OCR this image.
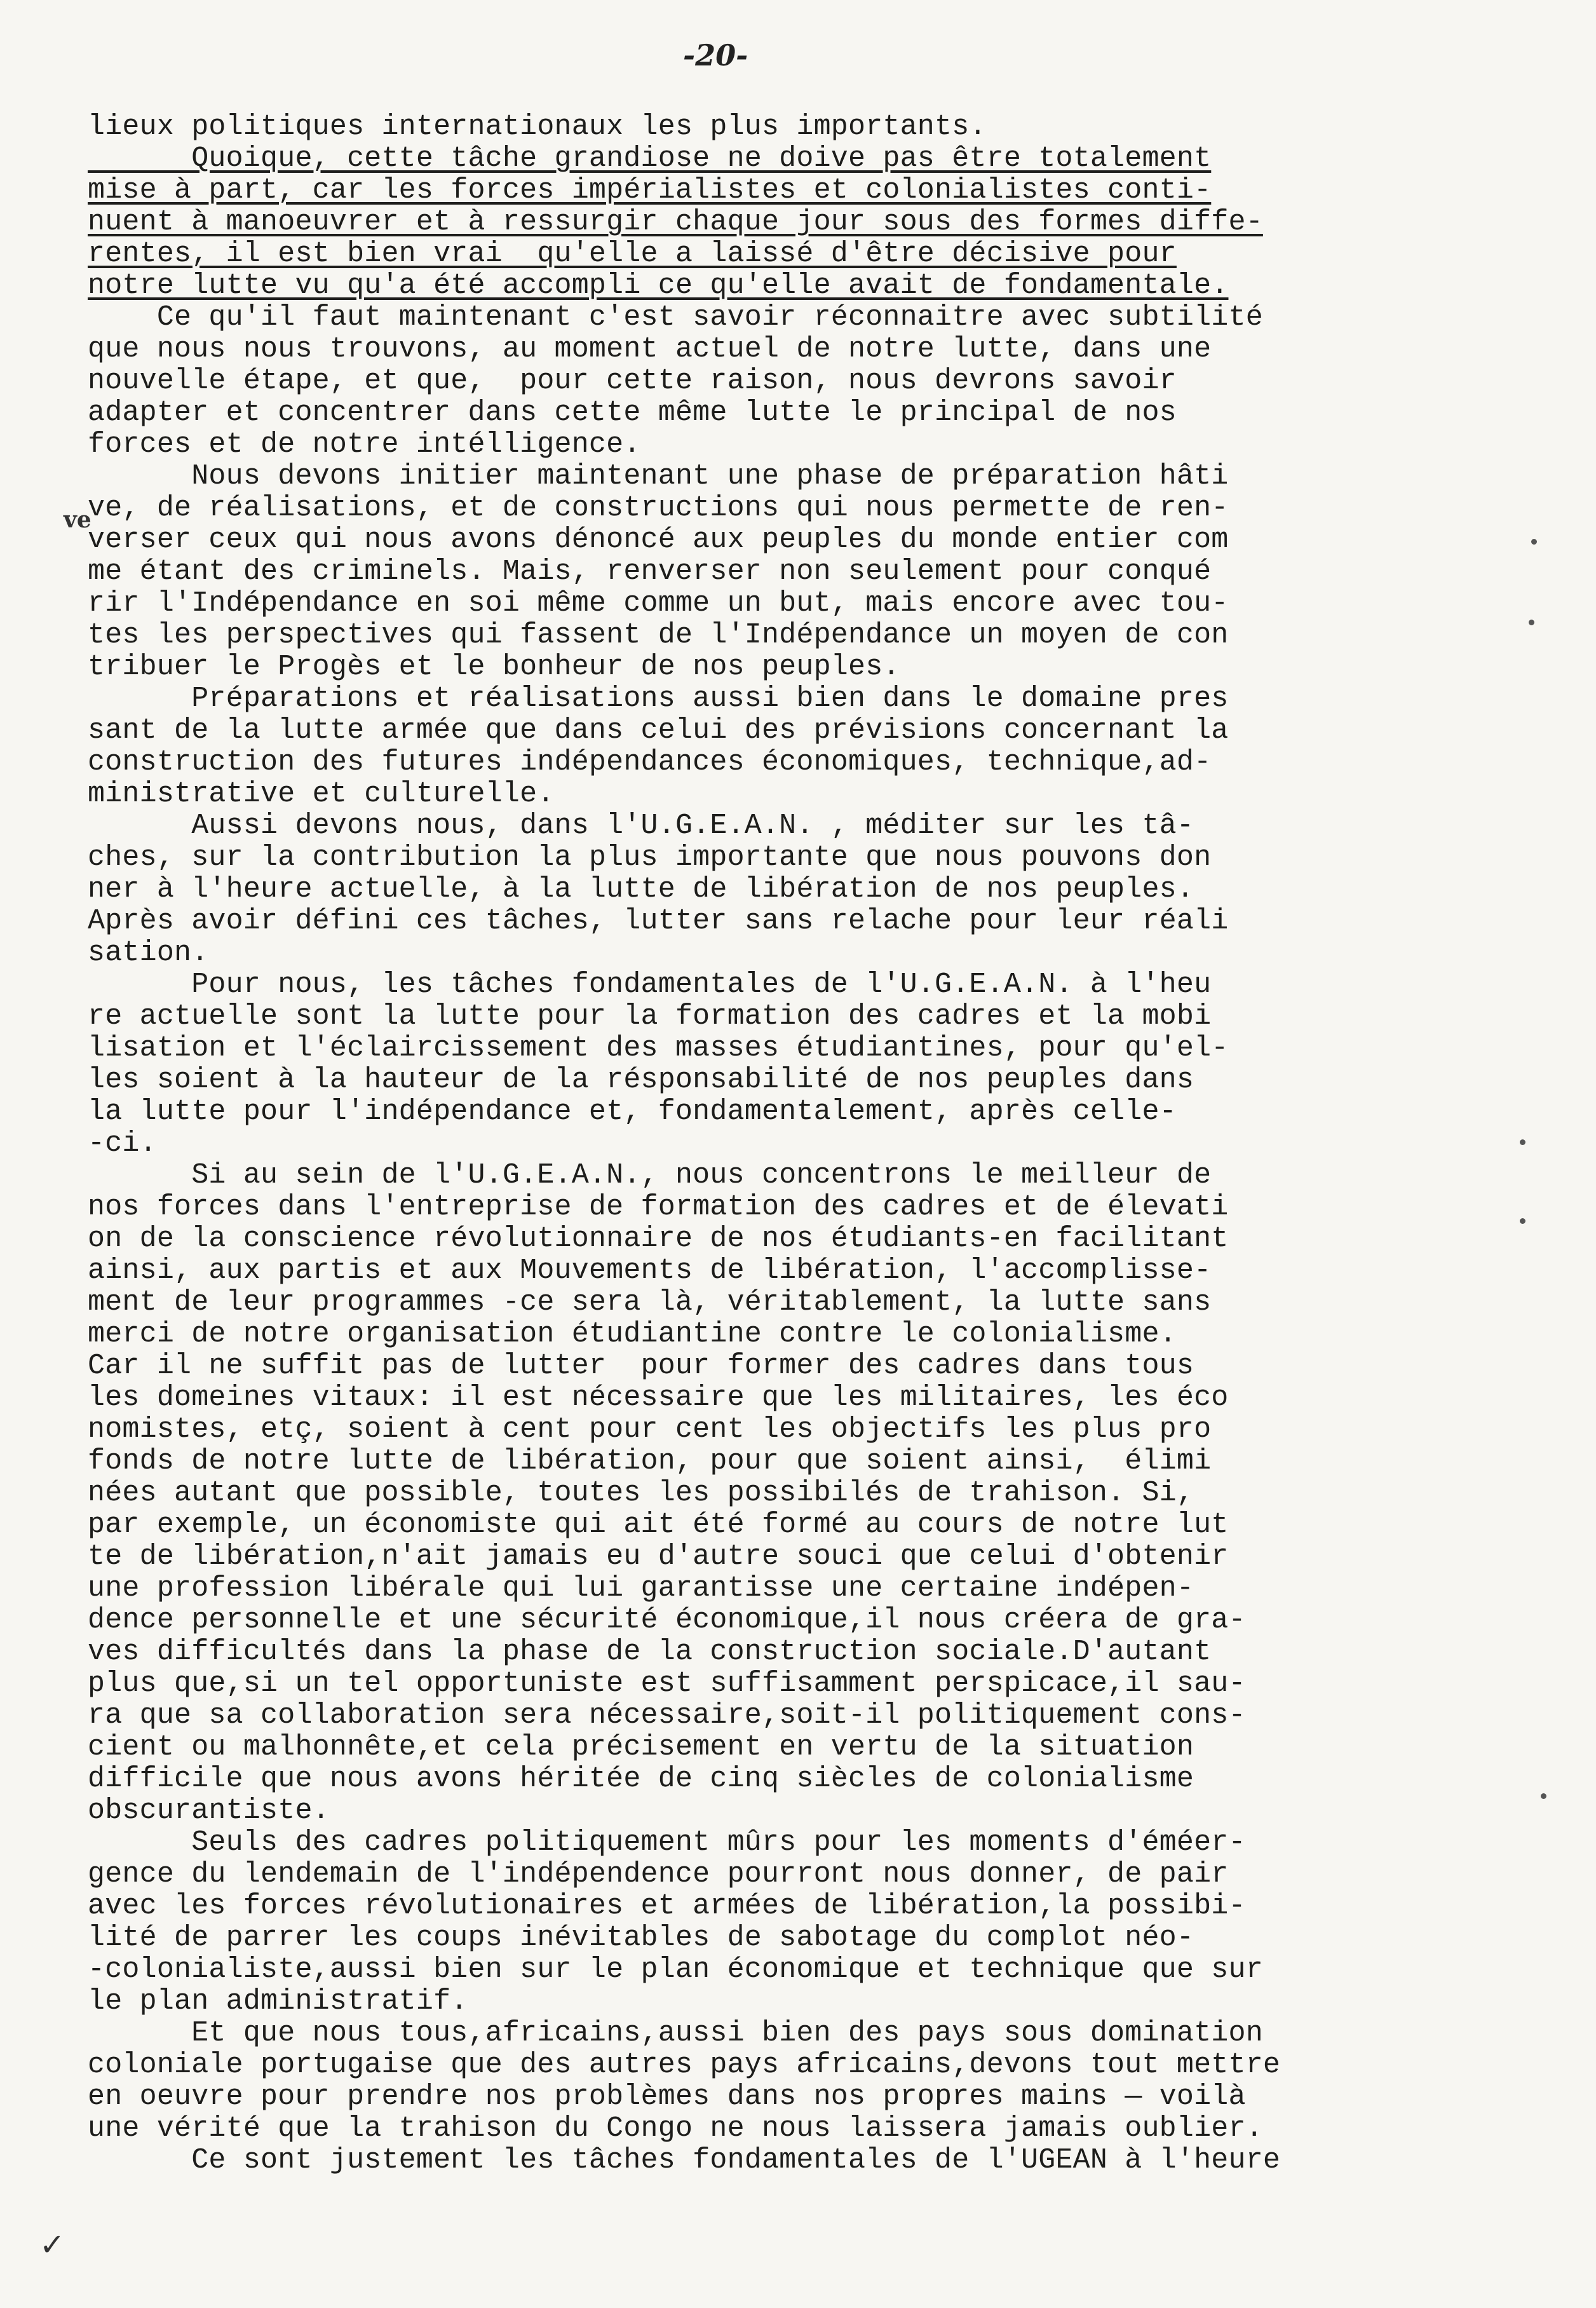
-20-
lieux politiques internationaux les plus importants.
Quoique, cette tâche grandiose ne doive pas être totalement
mise à part, car les forces impérialistes et colonialistes conti-
nuent à manoeuvrer et à ressurgir chaque jour sous des formes diffe-
rentes, il est bien vrai  qu'elle a laissé d'être décisive pour
notre lutte vu qu'a été accompli ce qu'elle avait de fondamentale.
Ce qu'il faut maintenant c'est savoir réconnaitre avec subtilité
que nous nous trouvons, au moment actuel de notre lutte, dans une
nouvelle étape, et que,  pour cette raison, nous devrons savoir
adapter et concentrer dans cette même lutte le principal de nos
forces et de notre intélligence.
Nous devons initier maintenant une phase de préparation hâti
ve, de réalisations, et de constructions qui nous permette de ren-
verser ceux qui nous avons dénoncé aux peuples du monde entier com
me étant des criminels. Mais, renverser non seulement pour conqué
rir l'Indépendance en soi même comme un but, mais encore avec tou-
tes les perspectives qui fassent de l'Indépendance un moyen de con
tribuer le Progès et le bonheur de nos peuples.
Préparations et réalisations aussi bien dans le domaine pres
sant de la lutte armée que dans celui des prévisions concernant la
construction des futures indépendances économiques, technique,ad-
ministrative et culturelle.
Aussi devons nous, dans l'U.G.E.A.N. , méditer sur les tâ-
ches, sur la contribution la plus importante que nous pouvons don
ner à l'heure actuelle, à la lutte de libération de nos peuples.
Après avoir défini ces tâches, lutter sans relache pour leur réali
sation.
Pour nous, les tâches fondamentales de l'U.G.E.A.N. à l'heu
re actuelle sont la lutte pour la formation des cadres et la mobi
lisation et l'éclaircissement des masses étudiantines, pour qu'el-
les soient à la hauteur de la résponsabilité de nos peuples dans
la lutte pour l'indépendance et, fondamentalement, après celle-
-ci.
Si au sein de l'U.G.E.A.N., nous concentrons le meilleur de
nos forces dans l'entreprise de formation des cadres et de élevati
on de la conscience révolutionnaire de nos étudiants-en facilitant
ainsi, aux partis et aux Mouvements de libération, l'accomplisse-
ment de leur programmes -ce sera là, véritablement, la lutte sans
merci de notre organisation étudiantine contre le colonialisme.
Car il ne suffit pas de lutter  pour former des cadres dans tous
les domeines vitaux: il est nécessaire que les militaires, les éco
nomistes, etç, soient à cent pour cent les objectifs les plus pro
fonds de notre lutte de libération, pour que soient ainsi,  élimi
nées autant que possible, toutes les possibilés de trahison. Si,
par exemple, un économiste qui ait été formé au cours de notre lut
te de libération,n'ait jamais eu d'autre souci que celui d'obtenir
une profession libérale qui lui garantisse une certaine indépen-
dence personnelle et une sécurité économique,il nous créera de gra-
ves difficultés dans la phase de la construction sociale.D'autant
plus que,si un tel opportuniste est suffisamment perspicace,il sau-
ra que sa collaboration sera nécessaire,soit-il politiquement cons-
cient ou malhonnête,et cela précisement en vertu de la situation
difficile que nous avons héritée de cinq siècles de colonialisme
obscurantiste.
Seuls des cadres politiquement mûrs pour les moments d'éméer-
gence du lendemain de l'indépendence pourront nous donner, de pair
avec les forces révolutionaires et armées de libération,la possibi-
lité de parrer les coups inévitables de sabotage du complot néo-
-colonialiste,aussi bien sur le plan économique et technique que sur
le plan administratif.
Et que nous tous,africains,aussi bien des pays sous domination
coloniale portugaise que des autres pays africains,devons tout mettre
en oeuvre pour prendre nos problèmes dans nos propres mains — voilà
une vérité que la trahison du Congo ne nous laissera jamais oublier.
Ce sont justement les tâches fondamentales de l'UGEAN à l'heure
ve
✓
